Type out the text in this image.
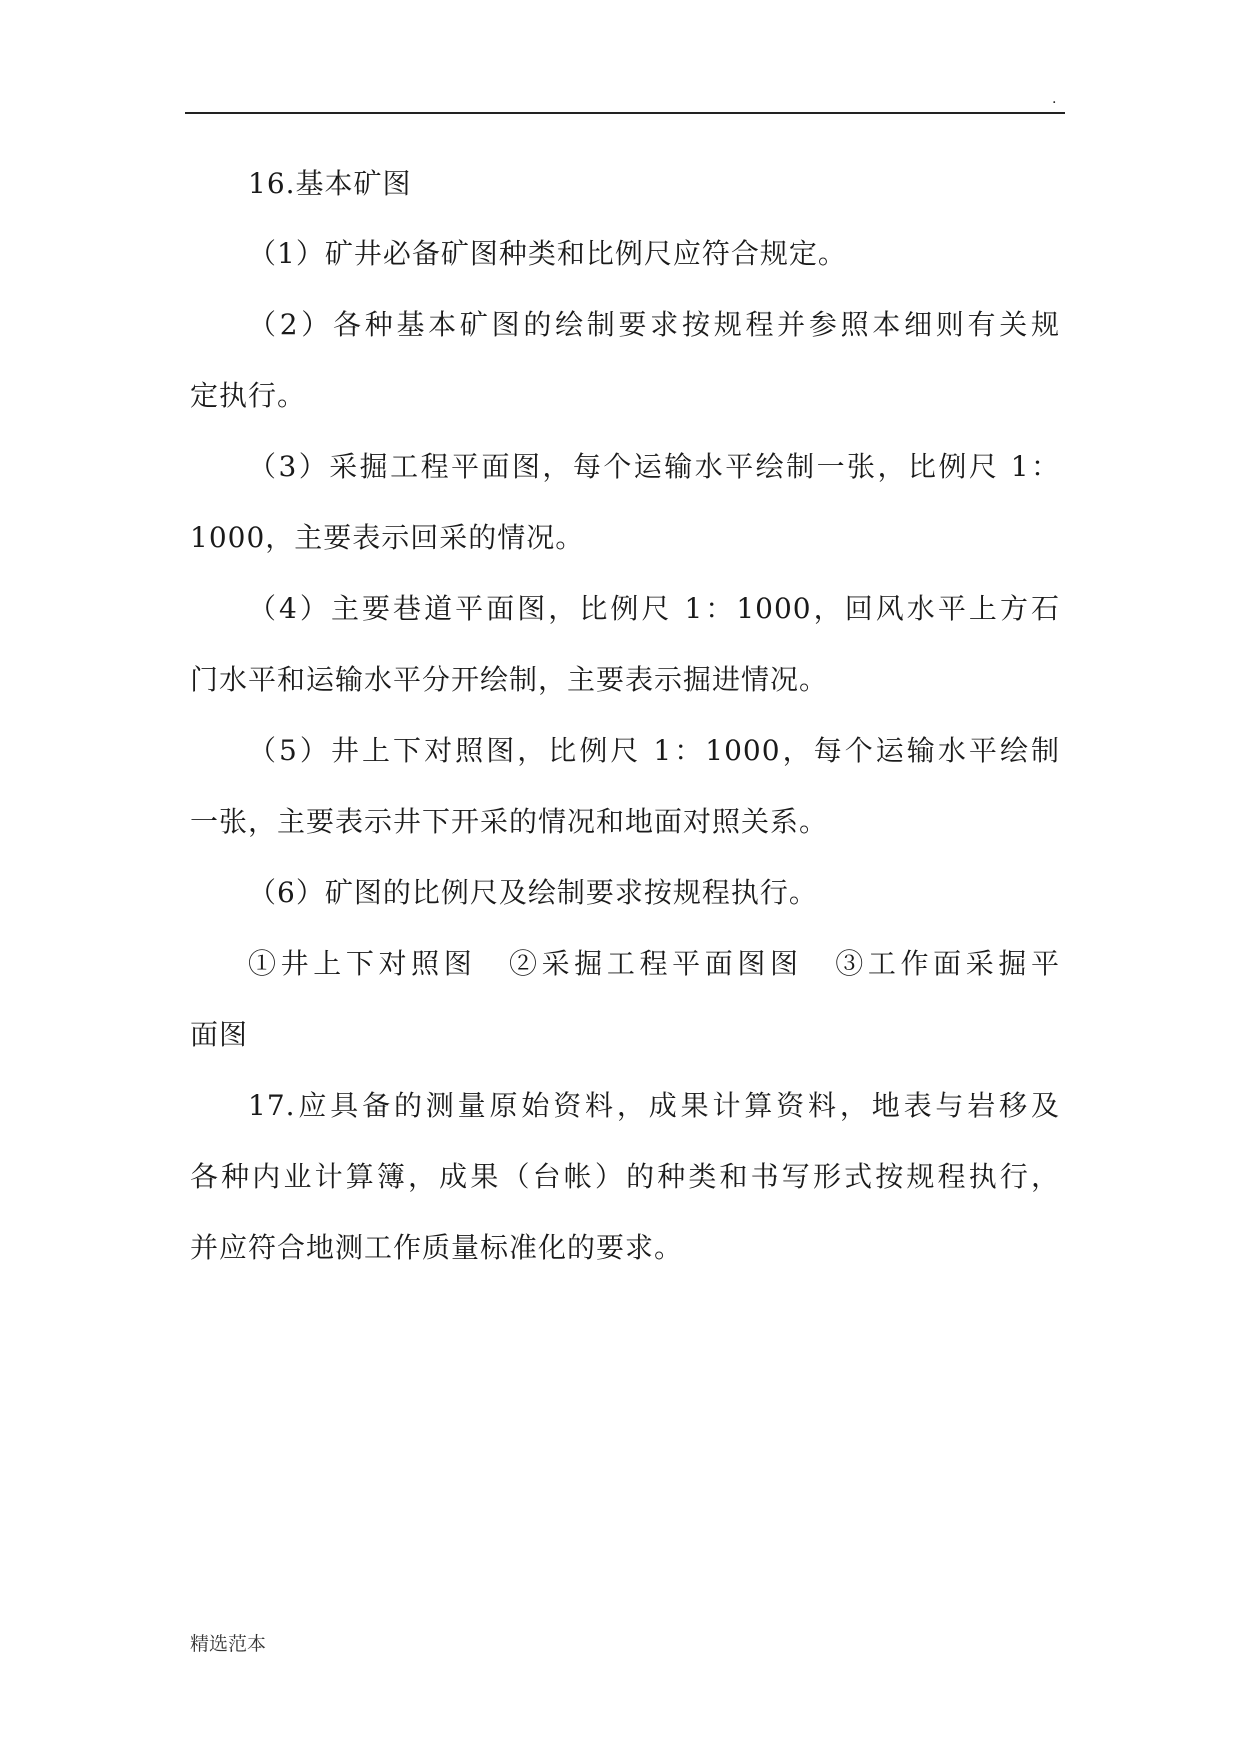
.
16.基本矿图
（1）矿井必备矿图种类和比例尺应符合规定。
（2）各种基本矿图的绘制要求按规程并参照本细则有关规
定执行。
（3）采掘工程平面图，每个运输水平绘制一张，比例尺 1：
1000，主要表示回采的情况。
（4）主要巷道平面图，比例尺 1：1000，回风水平上方石
门水平和运输水平分开绘制，主要表示掘进情况。
（5）井上下对照图，比例尺 1：1000，每个运输水平绘制
一张，主要表示井下开采的情况和地面对照关系。
（6）矿图的比例尺及绘制要求按规程执行。
①井上下对照图　②采掘工程平面图图　③工作面采掘平
面图
17.应具备的测量原始资料，成果计算资料，地表与岩移及
各种内业计算簿，成果（台帐）的种类和书写形式按规程执行，
并应符合地测工作质量标准化的要求。
精选范本
